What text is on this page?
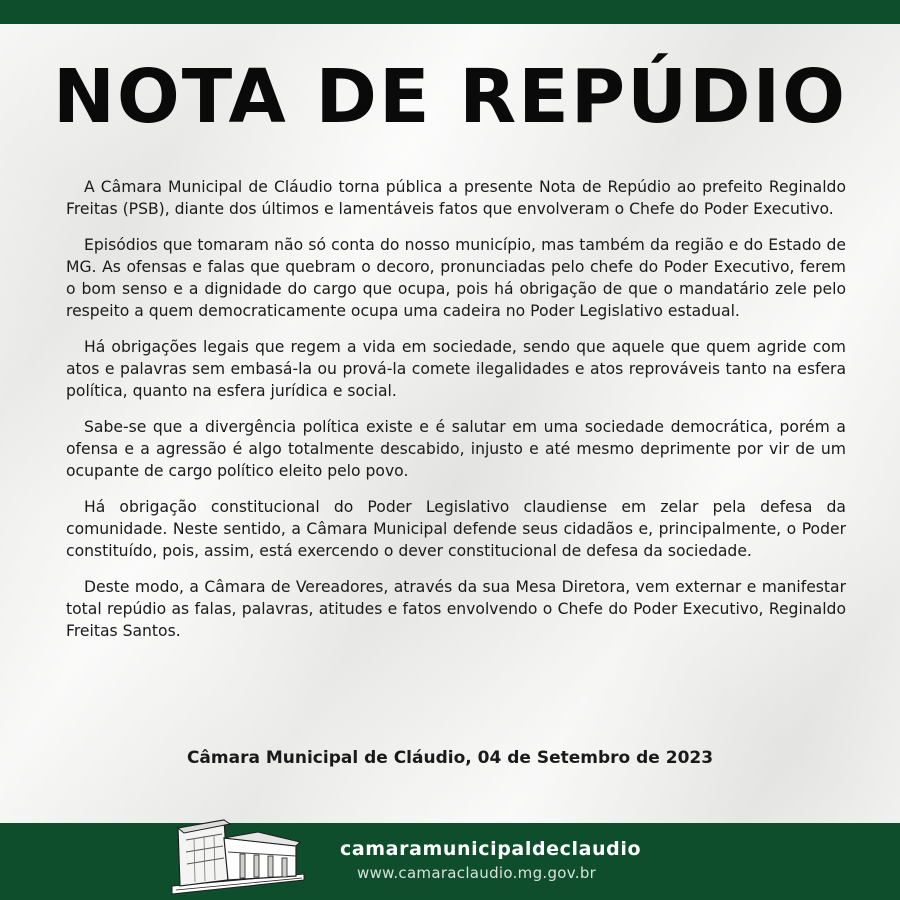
NOTA DE REPÚDIO

A Câmara Municipal de Cláudio torna pública a presente Nota de Repúdio ao prefeito Reginaldo Freitas (PSB), diante dos últimos e lamentáveis fatos que envolveram o Chefe do Poder Executivo.

Episódios que tomaram não só conta do nosso município, mas também da região e do Estado de MG. As ofensas e falas que quebram o decoro, pronunciadas pelo chefe do Poder Executivo, ferem o bom senso e a dignidade do cargo que ocupa, pois há obrigação de que o mandatário zele pelo respeito a quem democraticamente ocupa uma cadeira no Poder Legislativo estadual.

Há obrigações legais que regem a vida em sociedade, sendo que aquele que quem agride com atos e palavras sem embasá-la ou prová-la comete ilegalidades e atos reprováveis tanto na esfera política, quanto na esfera jurídica e social.

Sabe-se que a divergência política existe e é salutar em uma sociedade democrática, porém a ofensa e a agressão é algo totalmente descabido, injusto e até mesmo deprimente por vir de um ocupante de cargo político eleito pelo povo.

Há obrigação constitucional do Poder Legislativo claudiense em zelar pela defesa da comunidade. Neste sentido, a Câmara Municipal defende seus cidadãos e, principalmente, o Poder constituído, pois, assim, está exercendo o dever constitucional de defesa da sociedade.

Deste modo, a Câmara de Vereadores, através da sua Mesa Diretora, vem externar e manifestar total repúdio as falas, palavras, atitudes e fatos envolvendo o Chefe do Poder Executivo, Reginaldo Freitas Santos.

Câmara Municipal de Cláudio, 04 de Setembro de 2023

camaramunicipaldeclaudio

www.camaraclaudio.mg.gov.br
